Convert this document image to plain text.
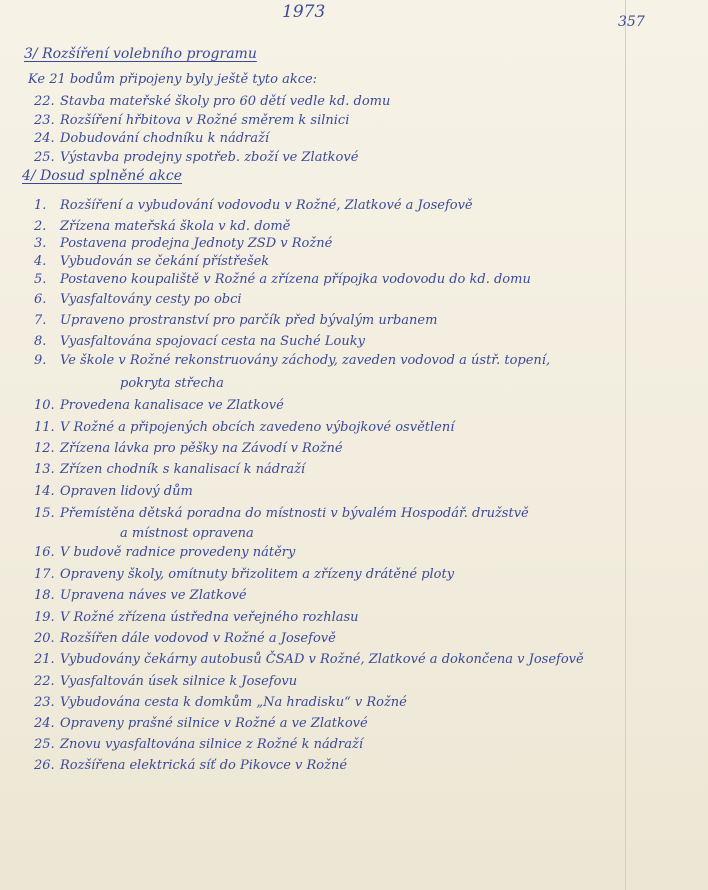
1973	357
3/ Rozšíření volebního programu
Ke 21 bodům připojeny byly ještě tyto akce:
22. Stavba mateřské školy pro 60 dětí vedle kd. domu
23. Rozšíření hřbitova v Rožné směrem k silnici
24. Dobudování chodníku k nádraží
25. Výstavba prodejny spotřeb. zboží ve Zlatkové
4/ Dosud splněné akce
1. Rozšíření a vybudování vodovodu v Rožné, Zlatkové a Josefově
2. Zřízena mateřská škola v kd. domě
3. Postavena prodejna Jednoty ZSD v Rožné
4. Vybudován se čekání přístřešek
5. Postaveno koupaliště v Rožné a zřízena přípojka vodovodu do kd. domu
6. Vyasfaltovány cesty po obci
7. Upraveno prostranství pro parčík před bývalým urbanem
8. Vyasfaltována spojovací cesta na Suché Louky
9. Ve škole v Rožné rekonstruovány záchody, zaveden vodovod a ústř. topení,
pokryta střecha
10. Provedena kanalisace ve Zlatkové
11. V Rožné a připojených obcích zavedeno výbojkové osvětlení
12. Zřízena lávka pro pěšky na Závodí v Rožné
13. Zřízen chodník s kanalisací k nádraží
14. Opraven lidový dům
15. Přemístěna dětská poradna do místnosti v bývalém Hospodář. družstvě
a místnost opravena
16. V budově radnice provedeny nátěry
17. Opraveny školy, omítnuty břizolitem a zřízeny drátěné ploty
18. Upravena náves ve Zlatkové
19. V Rožné zřízena ústředna veřejného rozhlasu
20. Rozšířen dále vodovod v Rožné a Josefově
21. Vybudovány čekárny autobusů ČSAD v Rožné, Zlatkové a dokončena v Josefově
22. Vyasfaltován úsek silnice k Josefovu
23. Vybudována cesta k domkům „Na hradisku“ v Rožné
24. Opraveny prašné silnice v Rožné a ve Zlatkové
25. Znovu vyasfaltována silnice z Rožné k nádraží
26. Rozšířena elektrická síť do Pikovce v Rožné
